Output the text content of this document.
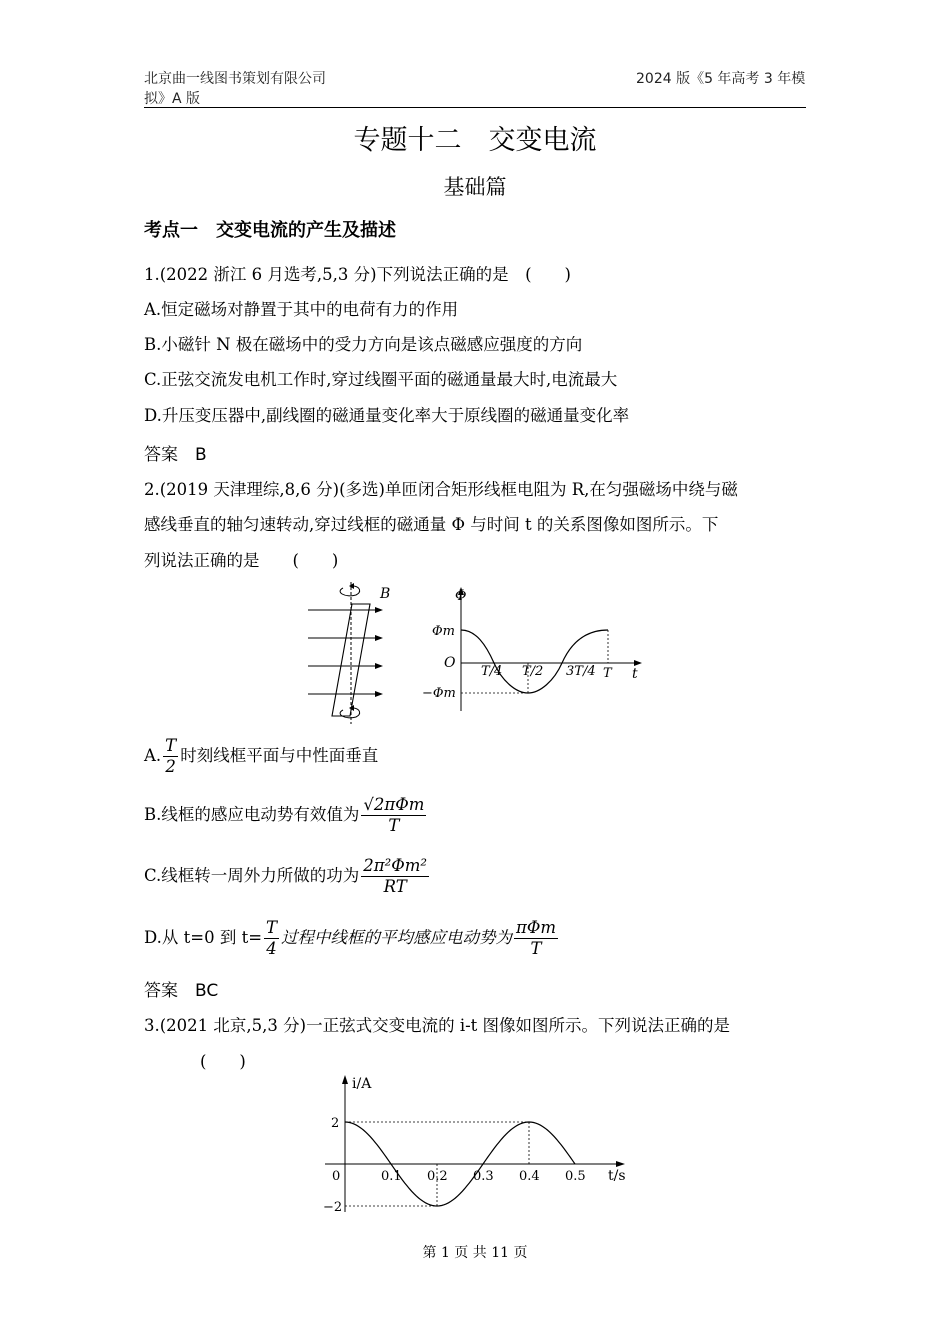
北京曲一线图书策划有限公司
拟》A 版
2024 版《5 年高考 3 年模
专题十二　交变电流
基础篇
考点一　交变电流的产生及描述
1.(2022 浙江 6 月选考,5,3 分)下列说法正确的是　(　　)
A.恒定磁场对静置于其中的电荷有力的作用
B.小磁针 N 极在磁场中的受力方向是该点磁感应强度的方向
C.正弦交流发电机工作时,穿过线圈平面的磁通量最大时,电流最大
D.升压变压器中,副线圈的磁通量变化率大于原线圈的磁通量变化率
答案　B
2.(2019 天津理综,8,6 分)(多选)单匝闭合矩形线框电阻为 R,在匀强磁场中绕与磁
感线垂直的轴匀速转动,穿过线框的磁通量 Φ 与时间 t 的关系图像如图所示。下
列说法正确的是　　(　　)
B	Φ
t
O
Φm
−Φm
T/4 T/2 3T/4 T
A. $\frac{T}{2}$ 时刻线框平面与中性面垂直
B.线框的感应电动势有效值为 $\frac{\text{√2πΦm}}{T}$
C.线框转一周外力所做的功为 $\frac{\text{2π²Φm²}}{RT}$
D.从 t=0 到 $t= \frac{T}{4}$ 过程中线框的平均感应电动势为 $\frac{\text{πΦm}}{T}$
答案　BC
3.(2021 北京,5,3 分)一正弦式交变电流的 i-t 图像如图所示。下列说法正确的是
(　　)
i/A
t/s
0	0.1 0.2 0.3 0.4 0.5
2
−2
第 1 页 共 11 页
